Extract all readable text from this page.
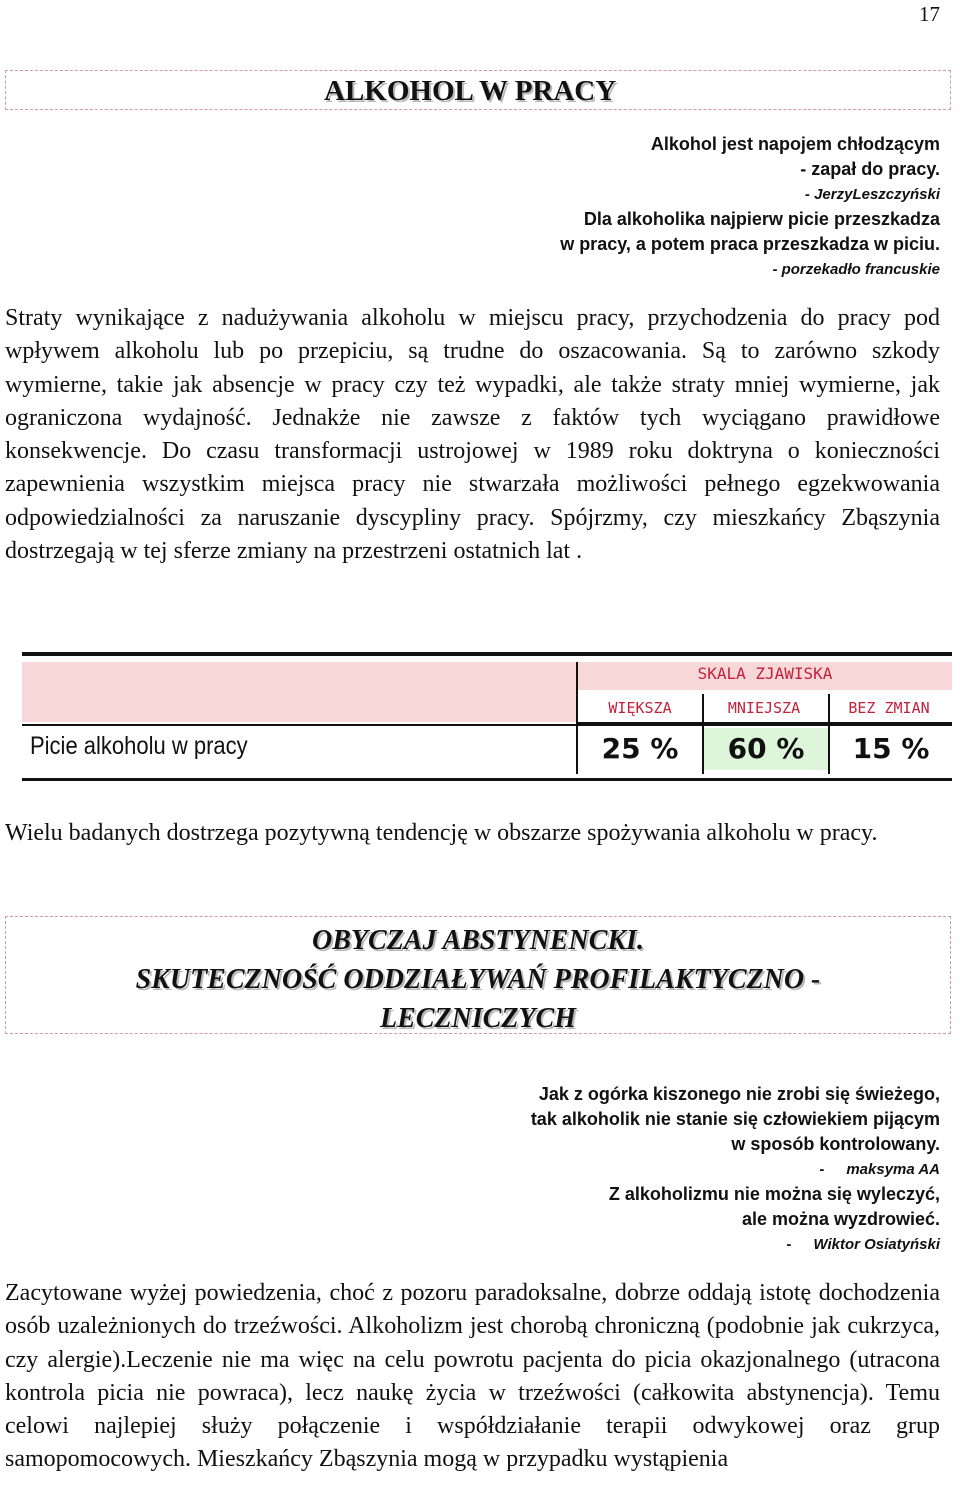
17
ALKOHOL W PRACY
Alkohol jest napojem chłodzącym
- zapał do pracy.
- JerzyLeszczyński
Dla alkoholika najpierw picie przeszkadza
w pracy, a potem praca przeszkadza w piciu.
- porzekadło francuskie

Straty wynikające z nadużywania alkoholu w miejscu pracy, przychodzenia do pracy pod wpływem alkoholu lub po przepiciu, są trudne do oszacowania. Są to zarówno szkody wymierne, takie jak absencje w pracy czy też wypadki, ale także straty mniej wymierne, jak ograniczona wydajność. Jednakże nie zawsze z faktów tych wyciągano prawidłowe konsekwencje. Do czasu transformacji ustrojowej w 1989 roku doktryna o konieczności zapewnienia wszystkim miejsca pracy nie stwarzała możliwości pełnego egzekwowania odpowiedzialności za naruszanie dyscypliny pracy. Spójrzmy, czy mieszkańcy Zbąszynia dostrzegają w tej sferze zmiany na przestrzeni ostatnich lat .

SKALA ZJAWISKA
WIĘKSZA	MNIEJSZA	BEZ ZMIAN
Picie alkoholu w pracy	25 %	60 %	15 %

Wielu badanych dostrzega pozytywną tendencję w obszarze spożywania alkoholu w pracy.

OBYCZAJ ABSTYNENCKI.
SKUTECZNOŚĆ ODDZIAŁYWAŃ PROFILAKTYCZNO -
LECZNICZYCH
Jak z ogórka kiszonego nie zrobi się świeżego,
tak alkoholik nie stanie się człowiekiem pijącym
w sposób kontrolowany.
- maksyma AA
Z alkoholizmu nie można się wyleczyć,
ale można wyzdrowieć.
- Wiktor Osiatyński

Zacytowane wyżej powiedzenia, choć z pozoru paradoksalne, dobrze oddają istotę dochodzenia osób uzależnionych do trzeźwości. Alkoholizm jest chorobą chroniczną (podobnie jak cukrzyca, czy alergie).Leczenie nie ma więc na celu powrotu pacjenta do picia okazjonalnego (utracona kontrola picia nie powraca), lecz naukę życia w trzeźwości (całkowita abstynencja). Temu celowi najlepiej służy połączenie i współdziałanie terapii odwykowej oraz grup samopomocowych. Mieszkańcy Zbąszynia mogą w przypadku wystąpienia
